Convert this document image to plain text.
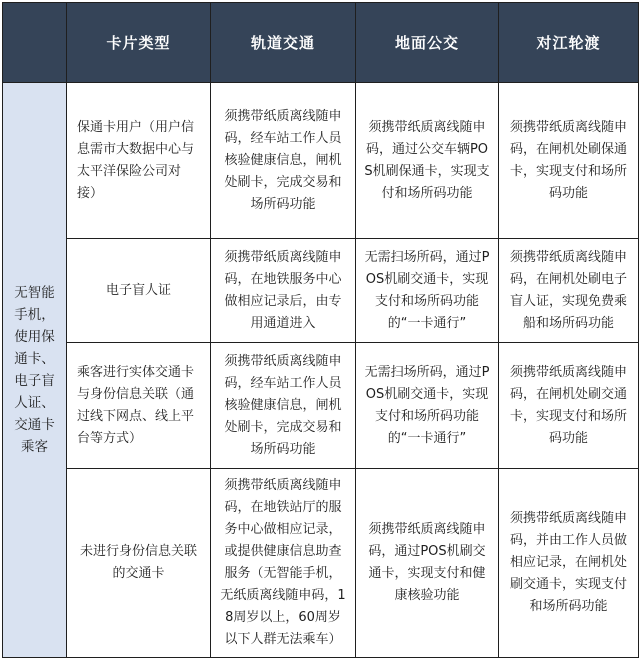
	卡片类型	轨道交通	地面公交	对江轮渡
无智能手机，使用保通卡、电子盲人证、交通卡乘客	保通卡用户（用户信息需市大数据中心与太平洋保险公司对接）	须携带纸质离线随申码，经车站工作人员核验健康信息，闸机处刷卡，完成交易和场所码功能	须携带纸质离线随申码，通过公交车辆POS机刷保通卡，实现支付和场所码功能	须携带纸质离线随申码，在闸机处刷保通卡，实现支付和场所码功能
	电子盲人证	须携带纸质离线随申码，在地铁服务中心做相应记录后，由专用通道进入	无需扫场所码，通过POS机刷交通卡，实现支付和场所码功能的“一卡通行”	须携带纸质离线随申码，在闸机处刷电子盲人证，实现免费乘船和场所码功能
	乘客进行实体交通卡与身份信息关联（通过线下网点、线上平台等方式）	须携带纸质离线随申码，经车站工作人员核验健康信息，闸机处刷卡，完成交易和场所码功能	无需扫场所码，通过POS机刷交通卡，实现支付和场所码功能的“一卡通行”	须携带纸质离线随申码，在闸机处刷交通卡，实现支付和场所码功能
	未进行身份信息关联的交通卡	须携带纸质离线随申码，在地铁站厅的服务中心做相应记录，或提供健康信息助查服务（无智能手机，无纸质离线随申码，18周岁以上，60周岁以下人群无法乘车）	须携带纸质离线随申码，通过POS机刷交通卡，实现支付和健康核验功能	须携带纸质离线随申码，并由工作人员做相应记录，在闸机处刷交通卡，实现支付和场所码功能
